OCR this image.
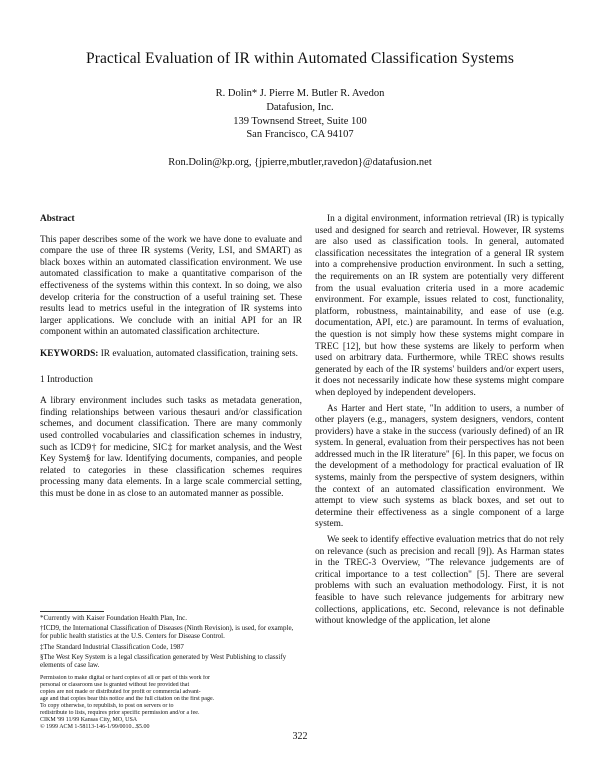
Practical Evaluation of IR within Automated Classification Systems
R. Dolin* J. Pierre M. Butler R. Avedon
Datafusion, Inc.
139 Townsend Street, Suite 100
San Francisco, CA 94107
Ron.Dolin@kp.org, {jpierre,mbutler,ravedon}@datafusion.net
Abstract

This paper describes some of the work we have done to evaluate and compare the use of three IR systems (Verity, LSI, and SMART) as black boxes within an automated classification environment. We use automated classification to make a quantitative comparison of the effectiveness of the systems within this context. In so doing, we also develop criteria for the construction of a useful training set. These results lead to metrics useful in the integration of IR systems into larger applications. We conclude with an initial API for an IR component within an automated classification architecture.

KEYWORDS: IR evaluation, automated classification, training sets.
1 Introduction

A library environment includes such tasks as metadata generation, finding relationships between various thesauri and/or classification schemes, and document classification. There are many commonly used controlled vocabularies and classification schemes in industry, such as ICD9† for medicine, SIC‡ for market analysis, and the West Key System§ for law. Identifying documents, companies, and people related to categories in these classification schemes requires processing many data elements. In a large scale commercial setting, this must be done in as close to an automated manner as possible.

*Currently with Kaiser Foundation Health Plan, Inc.

†ICD9, the International Classification of Diseases (Ninth Revision), is used, for example, for public health statistics at the U.S. Centers for Disease Control.

‡The Standard Industrial Classification Code, 1987

§The West Key System is a legal classification generated by West Publishing to classify elements of case law.

Permission to make digital or hard copies of all or part of this work for
personal or classroom use is granted without fee provided that
copies are not made or distributed for profit or commercial advant-
age and that copies bear this notice and the full citation on the first page.
To copy otherwise, to republish, to post on servers or to
redistribute to lists, requires prior specific permission and/or a fee.
CIKM '99 11/99 Kansas City, MO, USA
© 1999 ACM 1-58113-146-1/99/0010...$5.00

In a digital environment, information retrieval (IR) is typically used and designed for search and retrieval. However, IR systems are also used as classification tools. In general, automated classification necessitates the integration of a general IR system into a comprehensive production environment. In such a setting, the requirements on an IR system are potentially very different from the usual evaluation criteria used in a more academic environment. For example, issues related to cost, functionality, platform, robustness, maintainability, and ease of use (e.g. documentation, API, etc.) are paramount. In terms of evaluation, the question is not simply how these systems might compare in TREC [12], but how these systems are likely to perform when used on arbitrary data. Furthermore, while TREC shows results generated by each of the IR systems' builders and/or expert users, it does not necessarily indicate how these systems might compare when deployed by independent developers.

As Harter and Hert state, "In addition to users, a number of other players (e.g., managers, system designers, vendors, content providers) have a stake in the success (variously defined) of an IR system. In general, evaluation from their perspectives has not been addressed much in the IR literature" [6]. In this paper, we focus on the development of a methodology for practical evaluation of IR systems, mainly from the perspective of system designers, within the context of an automated classification environment. We attempt to view such systems as black boxes, and set out to determine their effectiveness as a single component of a large system.

We seek to identify effective evaluation metrics that do not rely on relevance (such as precision and recall [9]). As Harman states in the TREC-3 Overview, "The relevance judgements are of critical importance to a test collection" [5]. There are several problems with such an evaluation methodology. First, it is not feasible to have such relevance judgements for arbitrary new collections, applications, etc. Second, relevance is not definable without knowledge of the application, let alone

322
